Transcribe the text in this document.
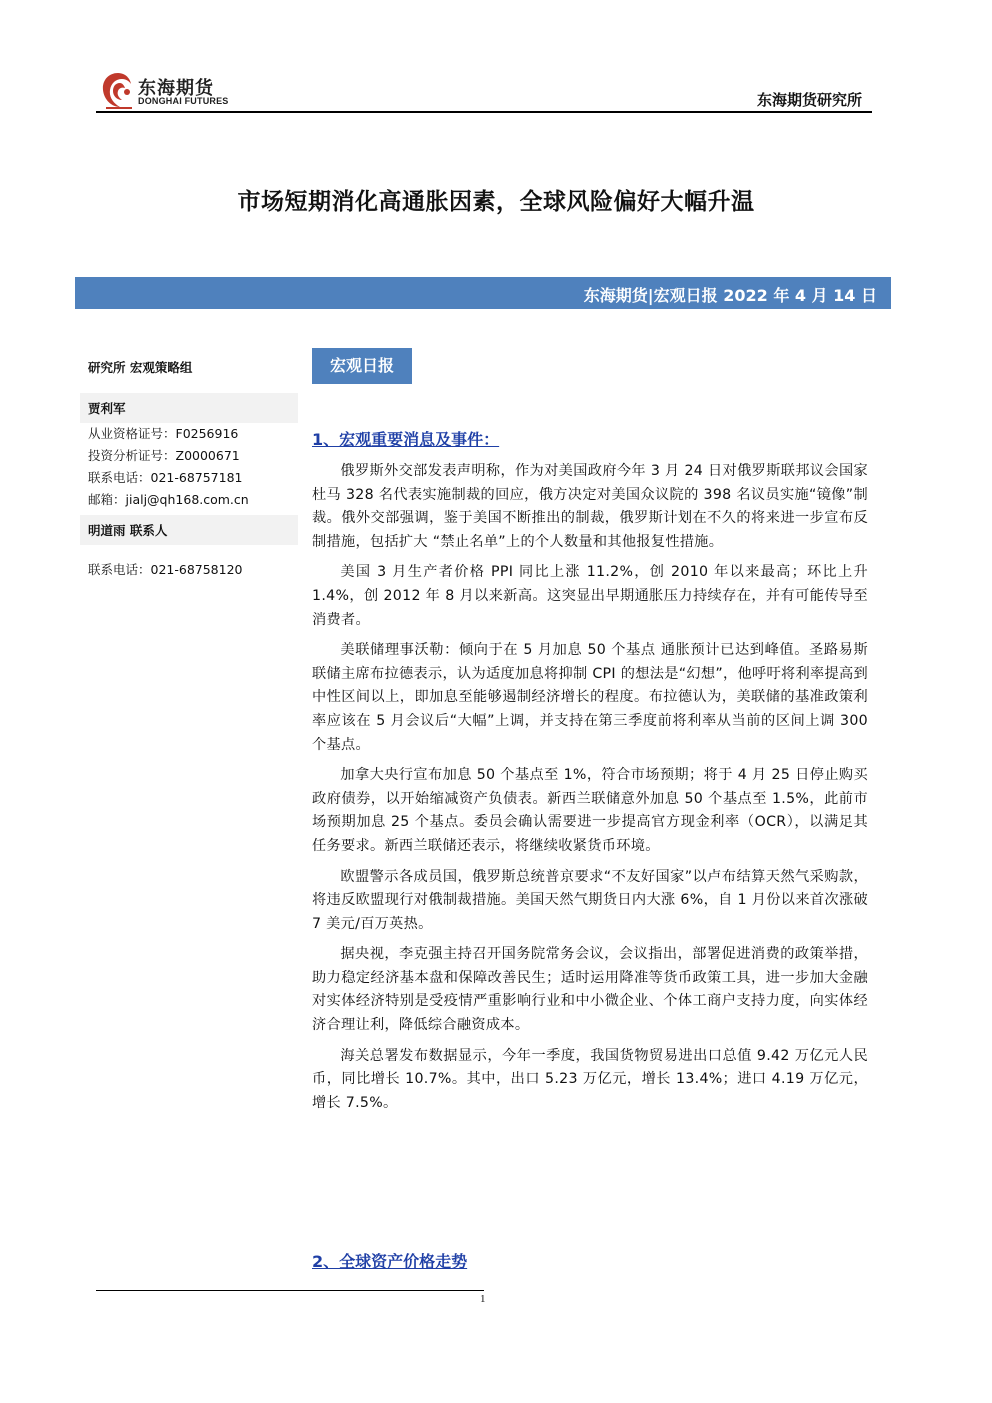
东海期货
DONGHAI FUTURES	东海期货研究所
市场短期消化高通胀因素，全球风险偏好大幅升温
东海期货|宏观日报 2022 年 4 月 14 日
研究所 宏观策略组
贾利军
从业资格证号：F0256916
投资分析证号：Z0000671
联系电话：021-68757181
邮箱：jialj@qh168.com.cn
明道雨 联系人
联系电话：021-68758120
宏观日报
1、宏观重要消息及事件：

俄罗斯外交部发表声明称，作为对美国政府今年 3 月 24 日对俄罗斯联邦议会国家杜马 328 名代表实施制裁的回应，俄方决定对美国众议院的 398 名议员实施“镜像”制裁。俄外交部强调，鉴于美国不断推出的制裁，俄罗斯计划在不久的将来进一步宣布反制措施，包括扩大 “禁止名单”上的个人数量和其他报复性措施。

美国 3 月生产者价格 PPI 同比上涨 11.2%，创 2010 年以来最高；环比上升 1.4%，创 2012 年 8 月以来新高。这突显出早期通胀压力持续存在，并有可能传导至消费者。

美联储理事沃勒：倾向于在 5 月加息 50 个基点 通胀预计已达到峰值。圣路易斯联储主席布拉德表示，认为适度加息将抑制 CPI 的想法是“幻想”，他呼吁将利率提高到中性区间以上，即加息至能够遏制经济增长的程度。布拉德认为，美联储的基准政策利率应该在 5 月会议后“大幅”上调，并支持在第三季度前将利率从当前的区间上调 300 个基点。

加拿大央行宣布加息 50 个基点至 1%，符合市场预期；将于 4 月 25 日停止购买政府债券，以开始缩减资产负债表。新西兰联储意外加息 50 个基点至 1.5%，此前市场预期加息 25 个基点。委员会确认需要进一步提高官方现金利率（OCR），以满足其任务要求。新西兰联储还表示，将继续收紧货币环境。

欧盟警示各成员国，俄罗斯总统普京要求“不友好国家”以卢布结算天然气采购款，将违反欧盟现行对俄制裁措施。美国天然气期货日内大涨 6%，自 1 月份以来首次涨破 7 美元/百万英热。

据央视，李克强主持召开国务院常务会议，会议指出，部署促进消费的政策举措，助力稳定经济基本盘和保障改善民生；适时运用降准等货币政策工具，进一步加大金融对实体经济特别是受疫情严重影响行业和中小微企业、个体工商户支持力度，向实体经济合理让利，降低综合融资成本。

海关总署发布数据显示，今年一季度，我国货物贸易进出口总值 9.42 万亿元人民币，同比增长 10.7%。其中，出口 5.23 万亿元，增长 13.4%；进口 4.19 万亿元，增长 7.5%。

2、全球资产价格走势
1
